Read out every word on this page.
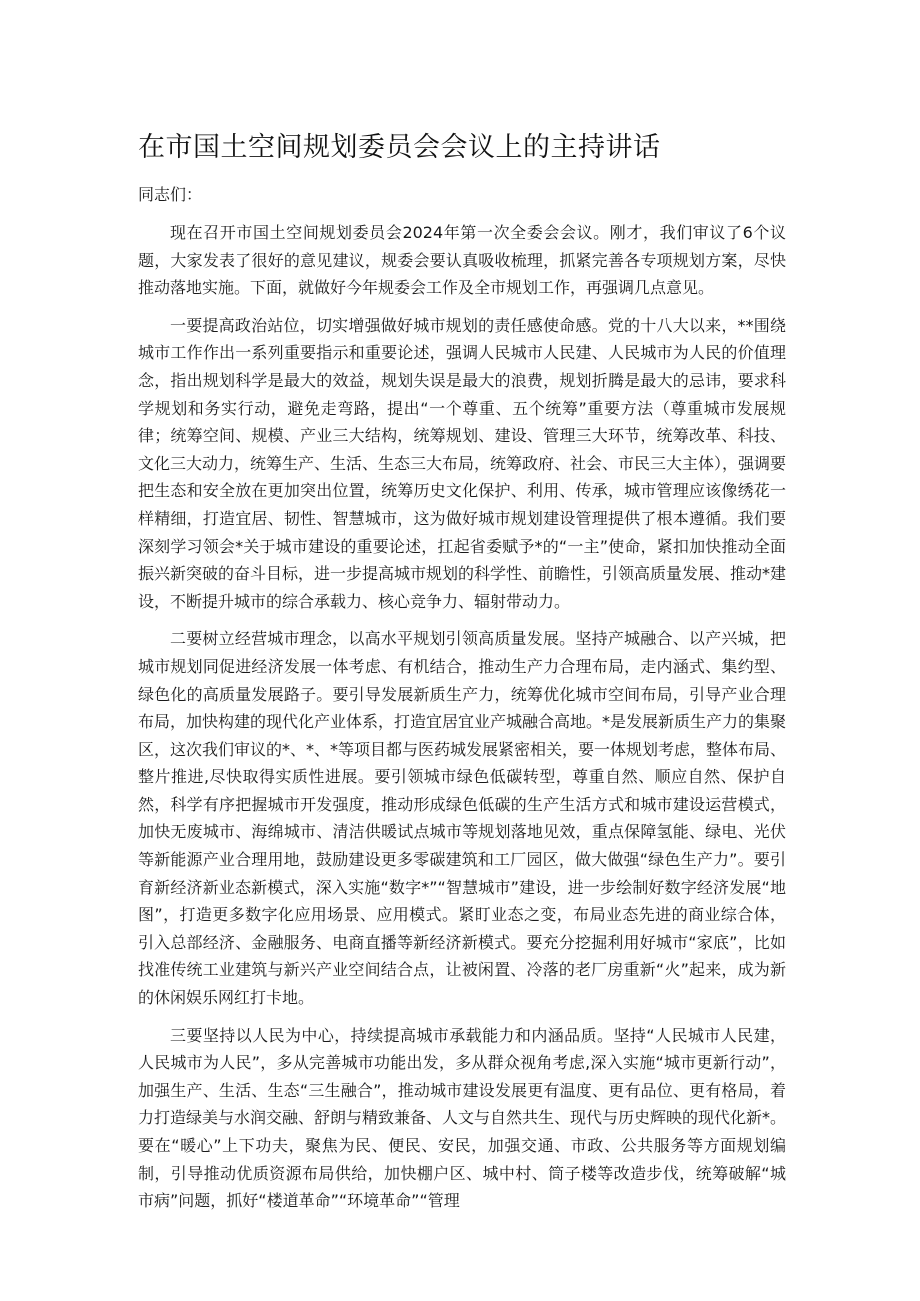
在市国土空间规划委员会会议上的主持讲话

同志们：

现在召开市国土空间规划委员会2024年第一次全委会会议。刚才，我们审议了6个议题，大家发表了很好的意见建议，规委会要认真吸收梳理，抓紧完善各专项规划方案，尽快推动落地实施。下面，就做好今年规委会工作及全市规划工作，再强调几点意见。

一要提高政治站位，切实增强做好城市规划的责任感使命感。党的十八大以来，**围绕城市工作作出一系列重要指示和重要论述，强调人民城市人民建、人民城市为人民的价值理念，指出规划科学是最大的效益，规划失误是最大的浪费，规划折腾是最大的忌讳，要求科学规划和务实行动，避免走弯路，提出“一个尊重、五个统筹”重要方法（尊重城市发展规律；统筹空间、规模、产业三大结构，统筹规划、建设、管理三大环节，统筹改革、科技、文化三大动力，统筹生产、生活、生态三大布局，统筹政府、社会、市民三大主体），强调要把生态和安全放在更加突出位置，统筹历史文化保护、利用、传承，城市管理应该像绣花一样精细，打造宜居、韧性、智慧城市，这为做好城市规划建设管理提供了根本遵循。我们要深刻学习领会*关于城市建设的重要论述，扛起省委赋予*的“一主”使命，紧扣加快推动全面振兴新突破的奋斗目标，进一步提高城市规划的科学性、前瞻性，引领高质量发展、推动*建设，不断提升城市的综合承载力、核心竞争力、辐射带动力。

二要树立经营城市理念，以高水平规划引领高质量发展。坚持产城融合、以产兴城，把城市规划同促进经济发展一体考虑、有机结合，推动生产力合理布局，走内涵式、集约型、绿色化的高质量发展路子。要引导发展新质生产力，统筹优化城市空间布局，引导产业合理布局，加快构建的现代化产业体系，打造宜居宜业产城融合高地。*是发展新质生产力的集聚区，这次我们审议的*、*、*等项目都与医药城发展紧密相关，要一体规划考虑，整体布局、整片推进,尽快取得实质性进展。要引领城市绿色低碳转型，尊重自然、顺应自然、保护自然，科学有序把握城市开发强度，推动形成绿色低碳的生产生活方式和城市建设运营模式，加快无废城市、海绵城市、清洁供暖试点城市等规划落地见效，重点保障氢能、绿电、光伏等新能源产业合理用地，鼓励建设更多零碳建筑和工厂园区，做大做强“绿色生产力”。要引育新经济新业态新模式，深入实施“数字*”“智慧城市”建设，进一步绘制好数字经济发展“地图”，打造更多数字化应用场景、应用模式。紧盯业态之变，布局业态先进的商业综合体，引入总部经济、金融服务、电商直播等新经济新模式。要充分挖掘利用好城市“家底”，比如找准传统工业建筑与新兴产业空间结合点，让被闲置、冷落的老厂房重新“火”起来，成为新的休闲娱乐网红打卡地。

三要坚持以人民为中心，持续提高城市承载能力和内涵品质。坚持“人民城市人民建，人民城市为人民”，多从完善城市功能出发，多从群众视角考虑,深入实施“城市更新行动”，加强生产、生活、生态“三生融合”，推动城市建设发展更有温度、更有品位、更有格局，着力打造绿美与水润交融、舒朗与精致兼备、人文与自然共生、现代与历史辉映的现代化新*。要在“暖心”上下功夫，聚焦为民、便民、安民，加强交通、市政、公共服务等方面规划编制，引导推动优质资源布局供给，加快棚户区、城中村、筒子楼等改造步伐，统筹破解“城市病”问题，抓好“楼道革命”“环境革命”“管理
